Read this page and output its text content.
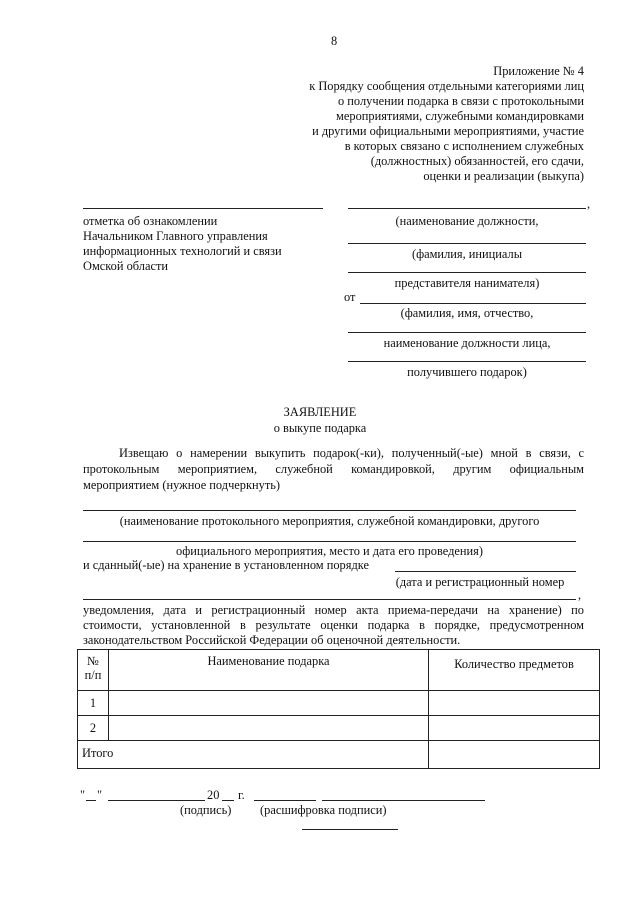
8
Приложение № 4
к Порядку сообщения отдельными категориями лиц
о получении подарка в связи с протокольными
мероприятиями, служебными командировками
и другими официальными мероприятиями, участие
в которых связано с исполнением служебных
(должностных) обязанностей, его сдачи,
оценки и реализации (выкупа)
отметка об ознакомлении
Начальником Главного управления
информационных технологий и связи
Омской области
,
(наименование должности,
(фамилия, инициалы
представителя нанимателя)
от
(фамилия, имя, отчество,
наименование должности лица,
получившего подарок)
ЗАЯВЛЕНИЕ
о выкупе подарка
Извещаю о намерении выкупить подарок(-ки), полученный(-ые) мной в связи, с
протокольным мероприятием, служебной командировкой, другим официальным
мероприятием (нужное подчеркнуть)
(наименование протокольного мероприятия, служебной командировки, другого
официального мероприятия, место и дата его проведения)
и сданный(-ые) на хранение в установленном порядке
(дата и регистрационный номер
,
уведомления, дата и регистрационный номер акта приема-передачи на хранение) по
стоимости, установленной в результате оценки подарка в порядке, предусмотренном
законодательством Российской Федерации об оценочной деятельности.
№
п/п	Наименование подарка	Количество предметов
1		
2		
Итого		
" "	20 г.
(подпись) (расшифровка подписи)
